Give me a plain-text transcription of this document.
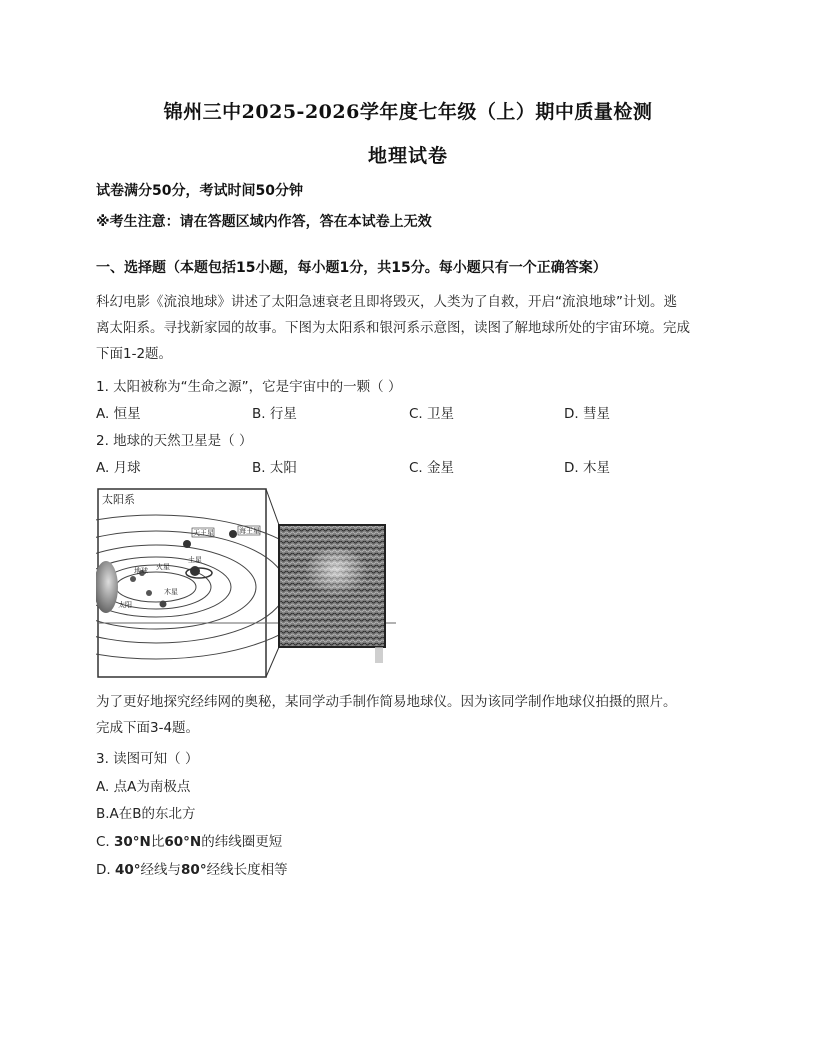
锦州三中2025-2026学年度七年级（上）期中质量检测
地理试卷
试卷满分50分，考试时间50分钟
※考生注意：请在答题区域内作答，答在本试卷上无效
一、选择题（本题包括15小题，每小题1分，共15分。每小题只有一个正确答案）
科幻电影《流浪地球》讲述了太阳急速衰老且即将毁灭，人类为了自救，开启“流浪地球”计划。逃
离太阳系。寻找新家园的故事。下图为太阳系和银河系示意图，读图了解地球所处的宇宙环境。完成
下面1-2题。
1. 太阳被称为“生命之源”，它是宇宙中的一颗（ ）
A. 恒星	B. 行星	C. 卫星	D. 彗星
2. 地球的天然卫星是（ ）
A. 月球	B. 太阳	C. 金星	D. 木星
太阳系
天王星	海王星
土星
木星
火星
地球
太阳
为了更好地探究经纬网的奥秘，某同学动手制作简易地球仪。因为该同学制作地球仪拍摄的照片。
完成下面3-4题。
3. 读图可知（ ）
A. 点A为南极点
B.A在B的东北方
C. 30°N比60°N的纬线圈更短
D. 40°经线与80°经线长度相等
